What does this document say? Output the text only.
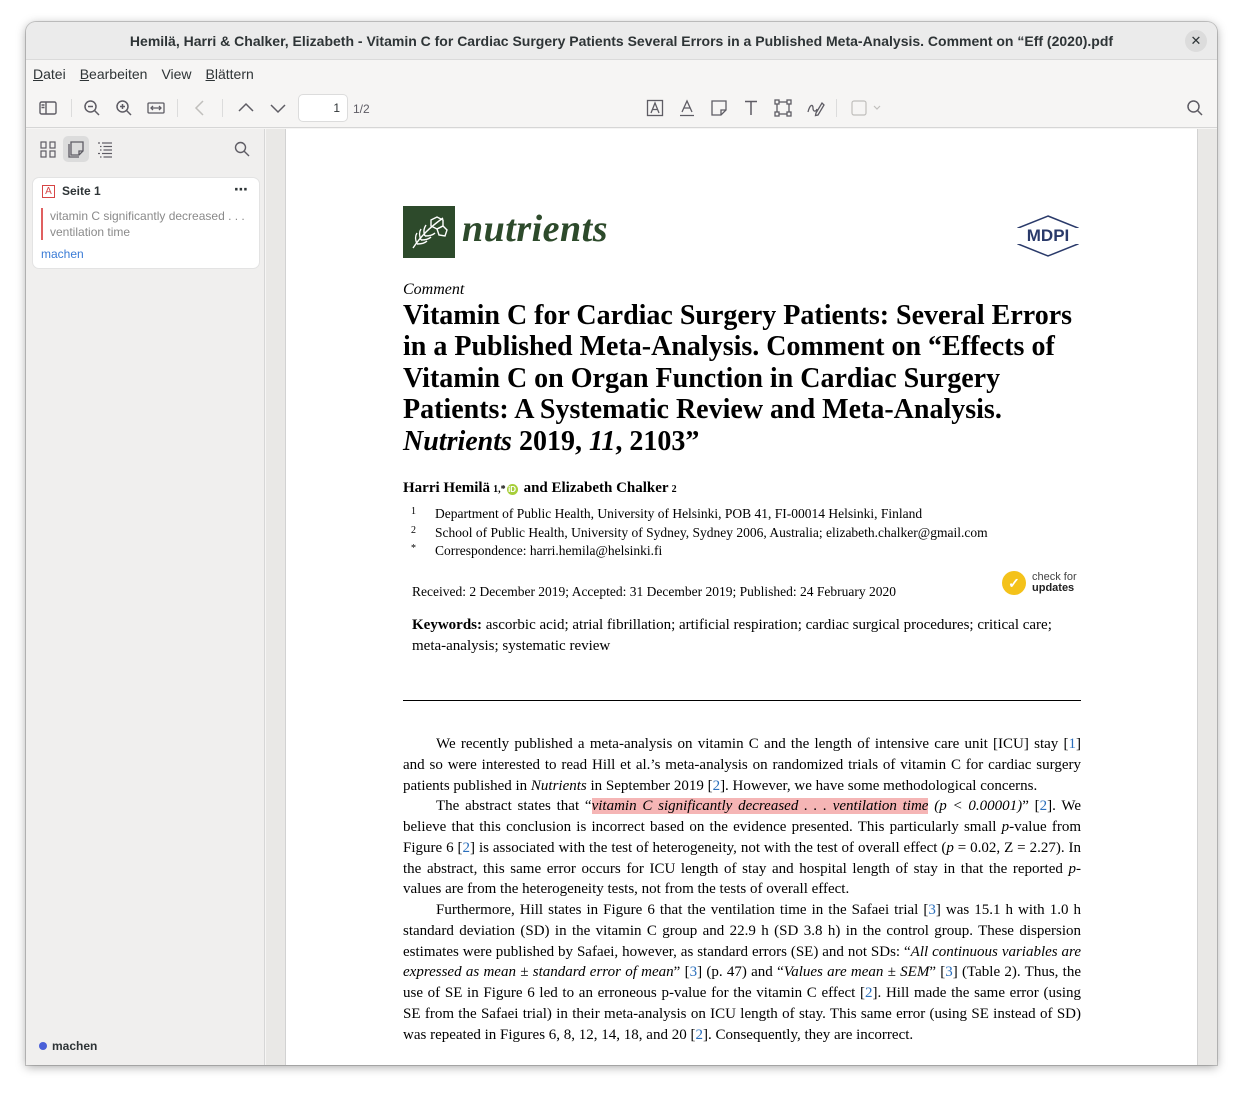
Hemilä, Harri & Chalker, Elizabeth - Vitamin C for Cardiac Surgery Patients Several Errors in a Published Meta-Analysis. Comment on “Eff (2020).pdf	✕
Datei Bearbeiten View Blättern
1	1/2
A Seite 1	⋯
vitamin C significantly decreased . . . ventilation time
machen
machen
nutrients	MDPI
Comment
Vitamin C for Cardiac Surgery Patients: Several Errors in a Published Meta-Analysis. Comment on “Effects of Vitamin C on Organ Function in Cardiac Surgery Patients: A Systematic Review and Meta-Analysis. Nutrients 2019, 11, 2103”
Harri Hemilä 1,* iD and Elizabeth Chalker 2
1	Department of Public Health, University of Helsinki, POB 41, FI-00014 Helsinki, Finland
2	School of Public Health, University of Sydney, Sydney 2006, Australia; elizabeth.chalker@gmail.com
*	Correspondence: harri.hemila@helsinki.fi
Received: 2 December 2019; Accepted: 31 December 2019; Published: 24 February 2020
✓	check for
updates
Keywords: ascorbic acid; atrial fibrillation; artificial respiration; cardiac surgical procedures; critical care; meta-analysis; systematic review

We recently published a meta-analysis on vitamin C and the length of intensive care unit [ICU] stay [1] and so were interested to read Hill et al.’s meta-analysis on randomized trials of vitamin C for cardiac surgery patients published in Nutrients in September 2019 [2]. However, we have some methodological concerns.

The abstract states that “vitamin C significantly decreased . . . ventilation time (p < 0.00001)” [2]. We believe that this conclusion is incorrect based on the evidence presented. This particularly small p-value from Figure 6 [2] is associated with the test of heterogeneity, not with the test of overall effect (p = 0.02, Z = 2.27). In the abstract, this same error occurs for ICU length of stay and hospital length of stay in that the reported p-values are from the heterogeneity tests, not from the tests of overall effect.

Furthermore, Hill states in Figure 6 that the ventilation time in the Safaei trial [3] was 15.1 h with 1.0 h standard deviation (SD) in the vitamin C group and 22.9 h (SD 3.8 h) in the control group. These dispersion estimates were published by Safaei, however, as standard errors (SE) and not SDs: “All continuous variables are expressed as mean ± standard error of mean” [3] (p. 47) and “Values are mean ± SEM” [3] (Table 2). Thus, the use of SE in Figure 6 led to an erroneous p-value for the vitamin C effect [2]. Hill made the same error (using SE from the Safaei trial) in their meta-analysis on ICU length of stay. This same error (using SE instead of SD) was repeated in Figures 6, 8, 12, 14, 18, and 20 [2]. Consequently, they are incorrect.
